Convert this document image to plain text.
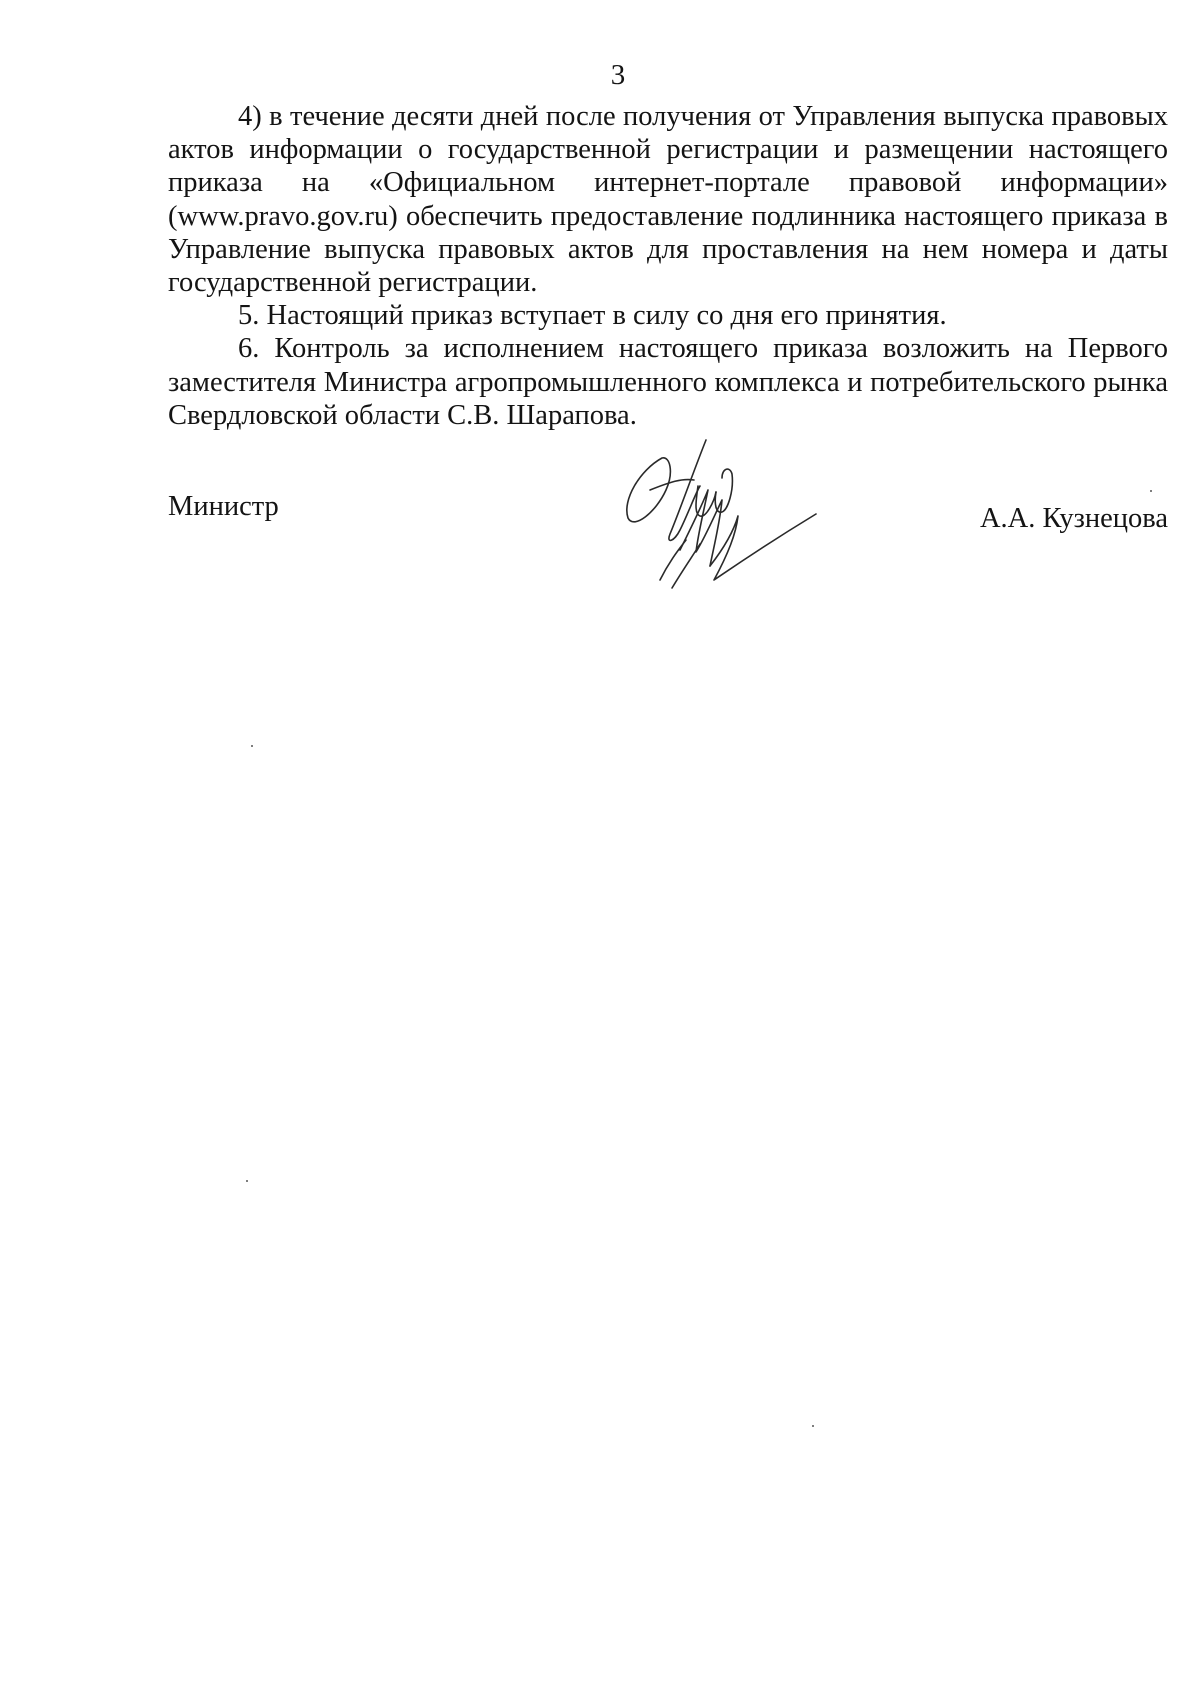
3

4) в течение десяти дней после получения от Управления выпуска правовых актов информации о государственной регистрации и размещении настоящего приказа на «Официальном интернет-портале правовой информации» (www.pravo.gov.ru) обеспечить предоставление подлинника настоящего приказа в Управление выпуска правовых актов для проставления на нем номера и даты государственной регистрации.

5. Настоящий приказ вступает в силу со дня его принятия.

6. Контроль за исполнением настоящего приказа возложить на Первого заместителя Министра агропромышленного комплекса и потребительского рынка Свердловской области С.В. Шарапова.

Министр	А.А. Кузнецова
